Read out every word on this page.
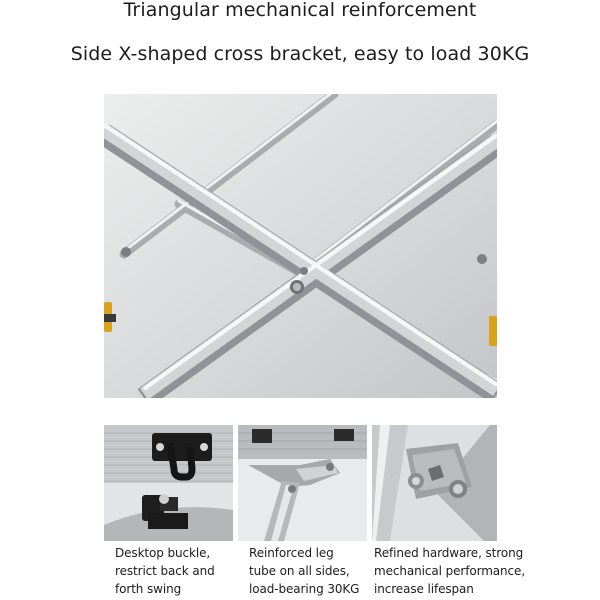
Triangular mechanical reinforcement
Side X-shaped cross bracket, easy to load 30KG
Desktop buckle,
restrict back and
forth swing
Reinforced leg
tube on all sides,
load-bearing 30KG
Refined hardware, strong
mechanical performance,
increase lifespan
